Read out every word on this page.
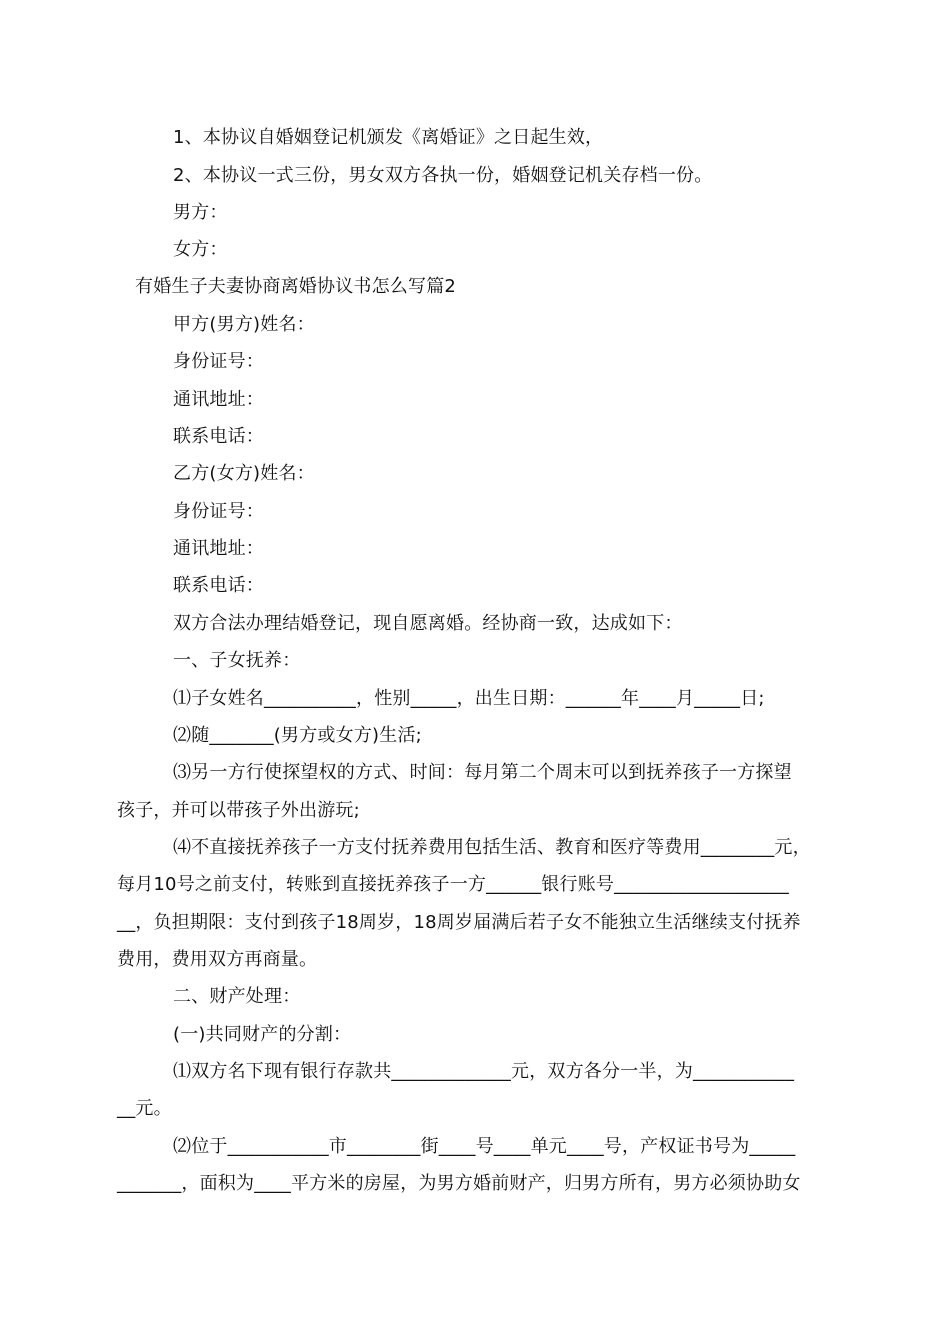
1、本协议自婚姻登记机颁发《离婚证》之日起生效，
2、本协议一式三份，男女双方各执一份，婚姻登记机关存档一份。
男方：
女方：
有婚生子夫妻协商离婚协议书怎么写篇2
甲方(男方)姓名：
身份证号：
通讯地址：
联系电话：
乙方(女方)姓名：
身份证号：
通讯地址：
联系电话：
双方合法办理结婚登记，现自愿离婚。经协商一致，达成如下：
一、子女抚养：
⑴子女姓名__________，性别_____，出生日期：______年____月_____日;
⑵随_______(男方或女方)生活;
⑶另一方行使探望权的方式、时间：每月第二个周末可以到抚养孩子一方探望
孩子，并可以带孩子外出游玩;
⑷不直接抚养孩子一方支付抚养费用包括生活、教育和医疗等费用________元，
每月10号之前支付，转账到直接抚养孩子一方______银行账号___________________
__，负担期限：支付到孩子18周岁，18周岁届满后若子女不能独立生活继续支付抚养
费用，费用双方再商量。
二、财产处理：
(一)共同财产的分割：
⑴双方名下现有银行存款共_____________元，双方各分一半，为___________
__元。
⑵位于___________市________街____号____单元____号，产权证书号为_____
_______，面积为____平方米的房屋，为男方婚前财产，归男方所有，男方必须协助女
